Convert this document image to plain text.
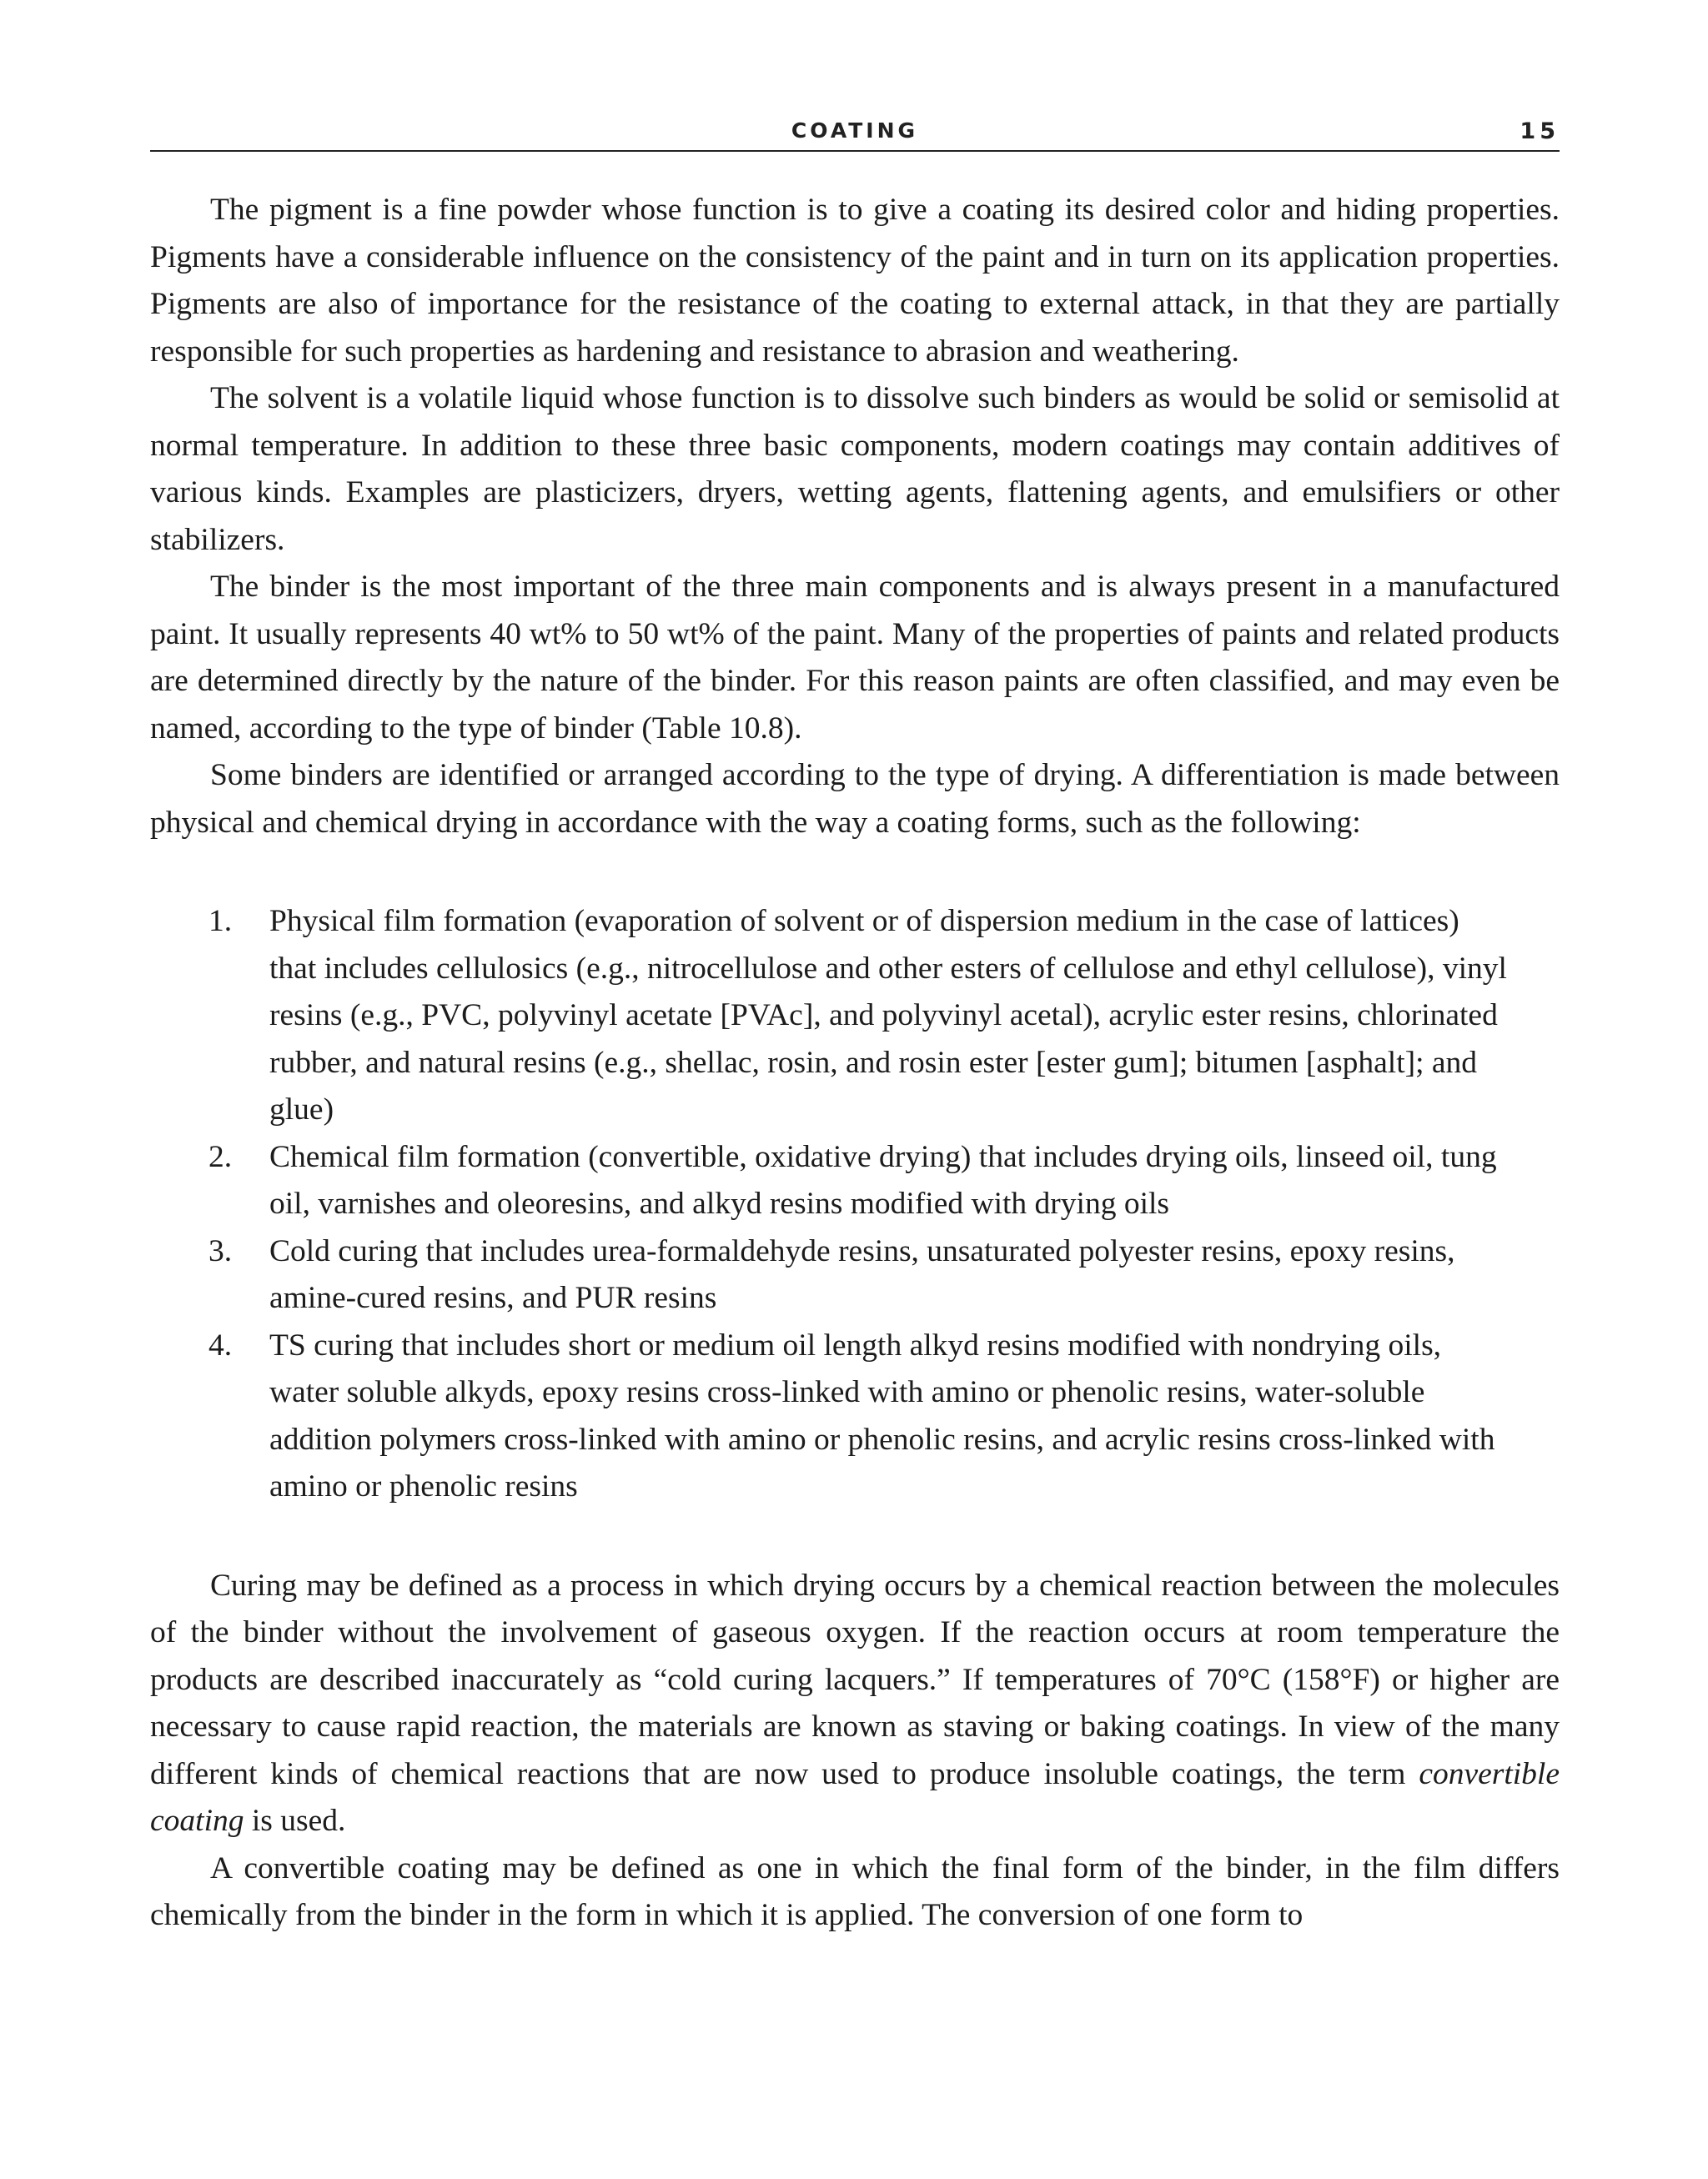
COATING	15

The pigment is a fine powder whose function is to give a coating its desired color and hiding properties. Pigments have a considerable influence on the consistency of the paint and in turn on its application properties. Pigments are also of importance for the resistance of the coating to external attack, in that they are partially responsible for such properties as hardening and resistance to abrasion and weathering.

The solvent is a volatile liquid whose function is to dissolve such binders as would be solid or semisolid at normal temperature. In addition to these three basic components, modern coatings may contain additives of various kinds. Examples are plasticizers, dryers, wetting agents, flattening agents, and emulsifiers or other stabilizers.

The binder is the most important of the three main components and is always present in a manufactured paint. It usually represents 40 wt% to 50 wt% of the paint. Many of the properties of paints and related products are determined directly by the nature of the binder. For this reason paints are often classified, and may even be named, according to the type of binder (Table 10.8).

Some binders are identified or arranged according to the type of drying. A differentiation is made between physical and chemical drying in accordance with the way a coating forms, such as the following:

1. Physical film formation (evaporation of solvent or of dispersion medium in the case of lattices) that includes cellulosics (e.g., nitrocellulose and other esters of cellulose and ethyl cellulose), vinyl resins (e.g., PVC, polyvinyl acetate [PVAc], and polyvinyl acetal), acrylic ester resins, chlorinated rubber, and natural resins (e.g., shellac, rosin, and rosin ester [ester gum]; bitumen [asphalt]; and glue)
2. Chemical film formation (convertible, oxidative drying) that includes drying oils, linseed oil, tung oil, varnishes and oleoresins, and alkyd resins modified with drying oils
3. Cold curing that includes urea-formaldehyde resins, unsaturated polyester resins, epoxy resins, amine-cured resins, and PUR resins
4. TS curing that includes short or medium oil length alkyd resins modified with nondrying oils, water soluble alkyds, epoxy resins cross-linked with amino or phenolic resins, water-soluble addition polymers cross-linked with amino or phenolic resins, and acrylic resins cross-linked with amino or phenolic resins

Curing may be defined as a process in which drying occurs by a chemical reaction between the molecules of the binder without the involvement of gaseous oxygen. If the reaction occurs at room temperature the products are described inaccurately as “cold curing lacquers.” If temperatures of 70°C (158°F) or higher are necessary to cause rapid reaction, the materials are known as staving or baking coatings. In view of the many different kinds of chemical reactions that are now used to produce insoluble coatings, the term convertible coating is used.

A convertible coating may be defined as one in which the final form of the binder, in the film differs chemically from the binder in the form in which it is applied. The conversion of one form to
